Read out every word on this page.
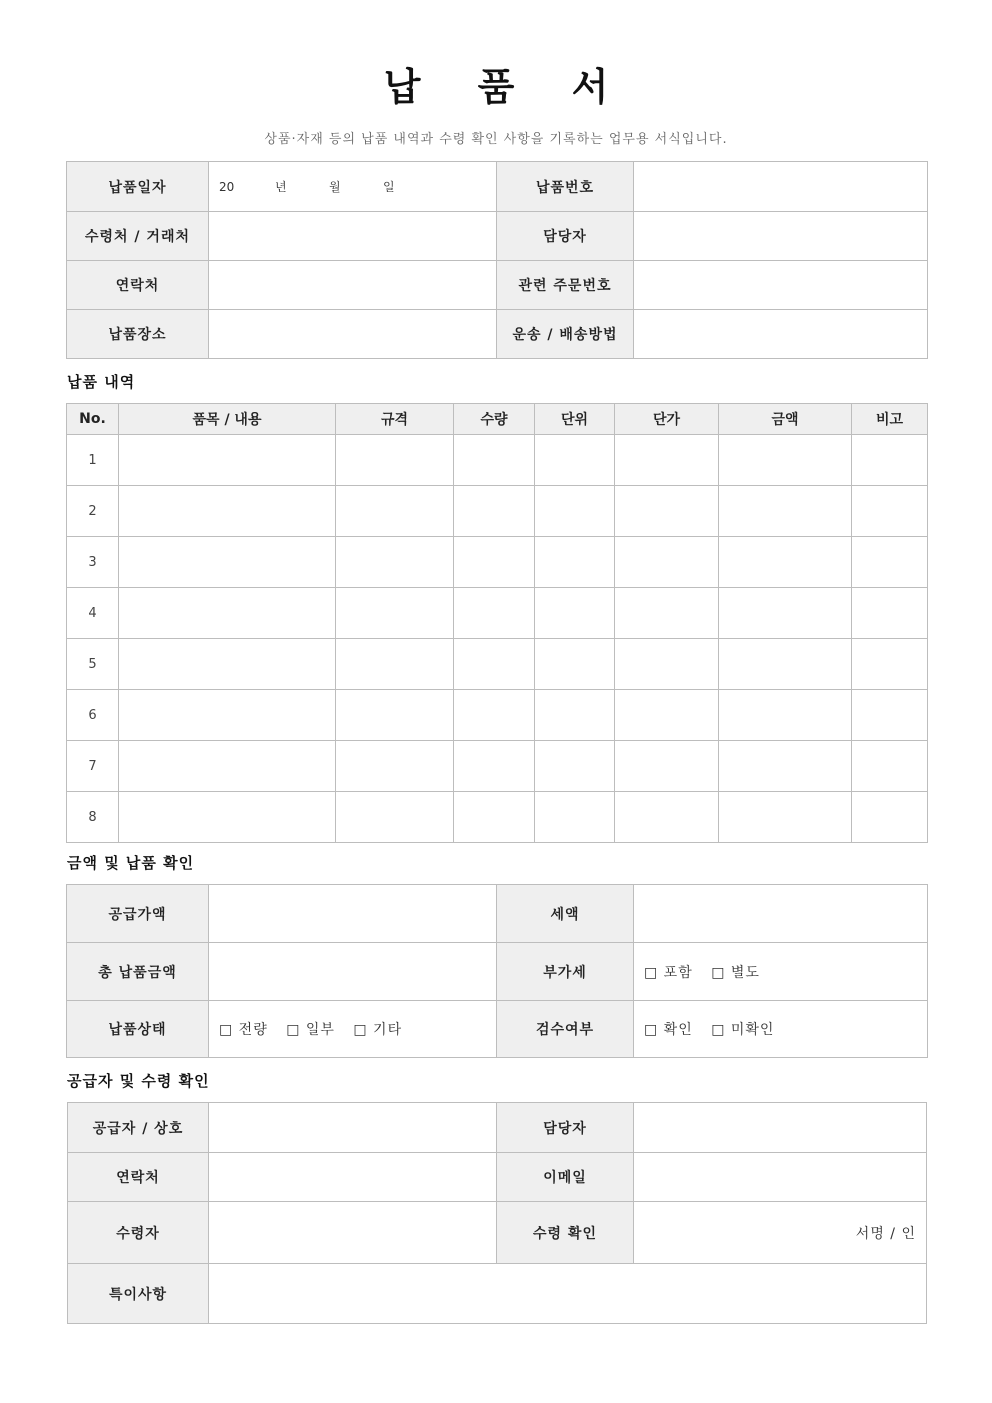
납 품 서
상품·자재 등의 납품 내역과 수령 확인 사항을 기록하는 업무용 서식입니다.
납품일자	20 년 월 일	납품번호	
수령처 / 거래처		담당자	
연락처		관련 주문번호	
납품장소		운송 / 배송방법	
납품 내역
No.	품목 / 내용	규격	수량	단위	단가	금액	비고
1							
2							
3							
4							
5							
6							
7							
8							
금액 및 납품 확인
공급가액		세액	
총 납품금액		부가세	□ 포함 □ 별도
납품상태	□ 전량 □ 일부 □ 기타	검수여부	□ 확인 □ 미확인
공급자 및 수령 확인
공급자 / 상호		담당자	
연락처		이메일	
수령자		수령 확인	서명 / 인
특이사항			
